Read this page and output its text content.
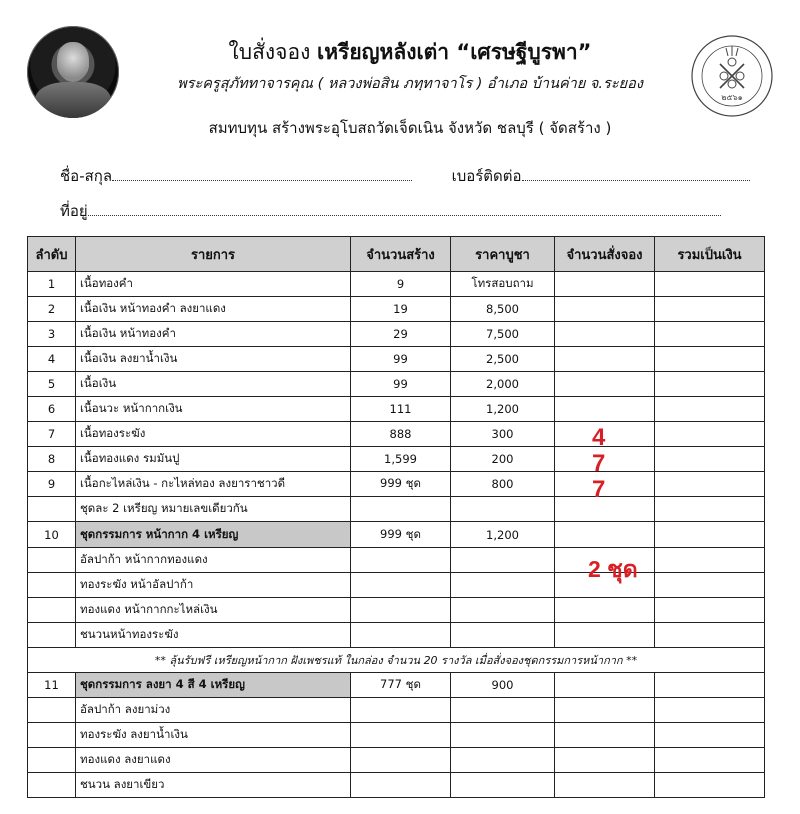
๒๕๖๑
ใบสั่งจอง เหรียญหลังเต่า “เศรษฐีบูรพา”
พระครูสุภัททาจารคุณ ( หลวงพ่อสิน ภทฺทาจาโร ) อำเภอ บ้านค่าย จ.ระยอง
สมทบทุน สร้างพระอุโบสถวัดเจ็ดเนิน จังหวัด ชลบุรี ( จัดสร้าง )
ชื่อ-สกุล	เบอร์ติดต่อ
ที่อยู่
ลำดับ	รายการ	จำนวนสร้าง	ราคาบูชา	จำนวนสั่งจอง	รวมเป็นเงิน
1	เนื้อทองคำ	9	โทรสอบถาม		
2	เนื้อเงิน หน้าทองคำ ลงยาแดง	19	8,500		
3	เนื้อเงิน หน้าทองคำ	29	7,500		
4	เนื้อเงิน ลงยาน้ำเงิน	99	2,500		
5	เนื้อเงิน	99	2,000		
6	เนื้อนวะ หน้ากากเงิน	111	1,200		
7	เนื้อทองระฆัง	888	300		
8	เนื้อทองแดง รมมันปู	1,599	200		
9	เนื้อกะไหล่เงิน - กะไหล่ทอง ลงยาราชาวดี	999 ชุด	800		
	ชุดละ 2 เหรียญ หมายเลขเดียวกัน				
10	ชุดกรรมการ หน้ากาก 4 เหรียญ	999 ชุด	1,200		
	อัลปาก้า หน้ากากทองแดง				
	ทองระฆัง หน้าอัลปาก้า				
	ทองแดง หน้ากากกะไหล่เงิน				
	ชนวนหน้าทองระฆัง				
** ลุ้นรับฟรี เหรียญหน้ากาก ฝังเพชรแท้ ในกล่อง จำนวน 20 รางวัล เมื่อสั่งจองชุดกรรมการหน้ากาก **					
11	ชุดกรรมการ ลงยา 4 สี 4 เหรียญ	777 ชุด	900		
	อัลปาก้า ลงยาม่วง				
	ทองระฆัง ลงยาน้ำเงิน				
	ทองแดง ลงยาแดง				
	ชนวน ลงยาเขียว				
4
7
7
2 ชุด
